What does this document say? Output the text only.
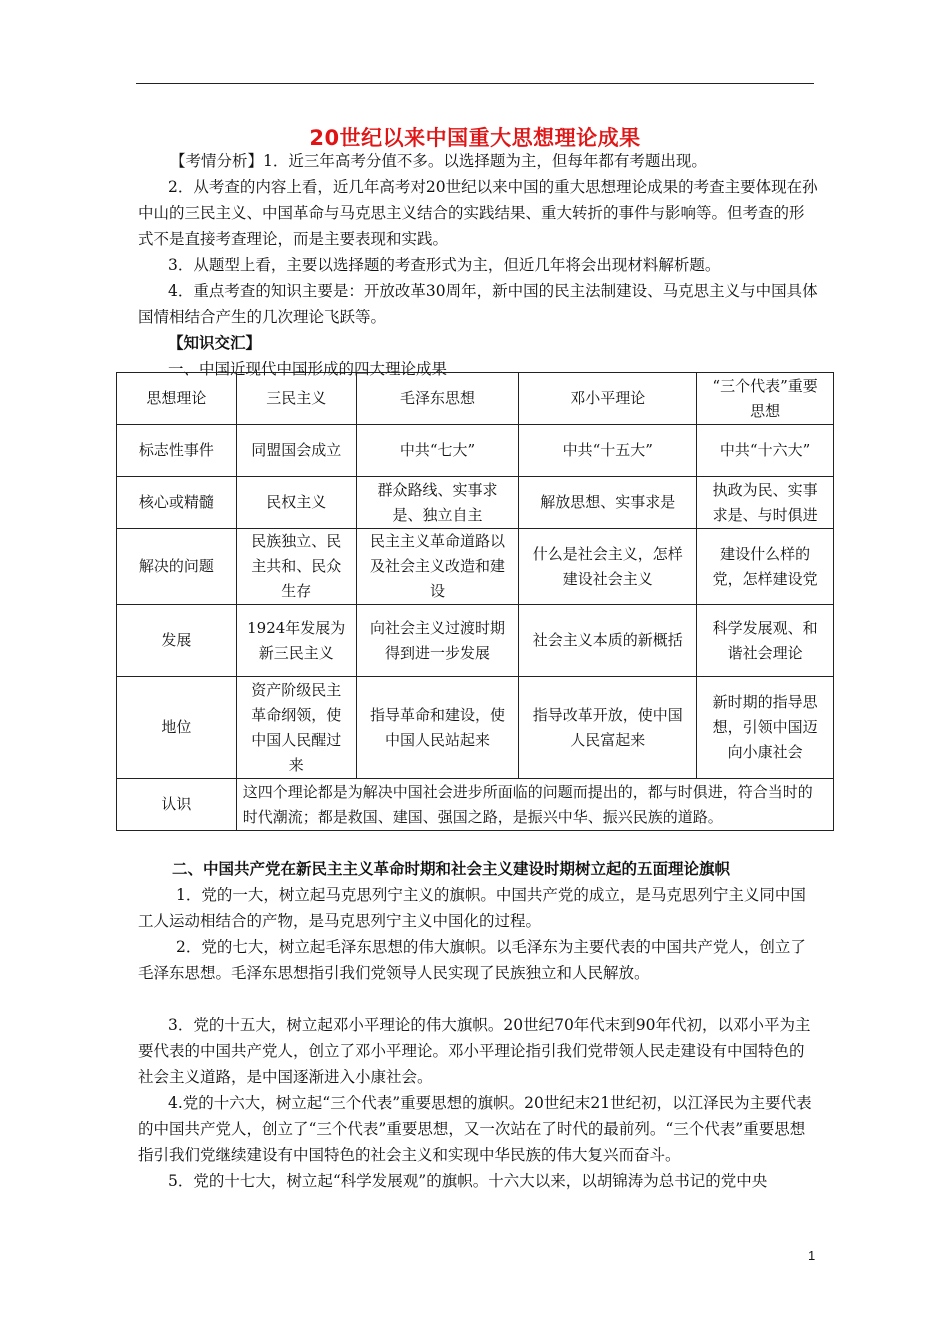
20世纪以来中国重大思想理论成果

【考情分析】1．近三年高考分值不多。以选择题为主，但每年都有考题出现。

2．从考查的内容上看，近几年高考对20世纪以来中国的重大思想理论成果的考查主要体现在孙中山的三民主义、中国革命与马克思主义结合的实践结果、重大转折的事件与影响等。但考查的形式不是直接考查理论，而是主要表现和实践。

3．从题型上看，主要以选择题的考查形式为主，但近几年将会出现材料解析题。

4．重点考查的知识主要是：开放改革30周年，新中国的民主法制建设、马克思主义与中国具体国情相结合产生的几次理论飞跃等。

【知识交汇】

一、中国近现代中国形成的四大理论成果

思想理论	三民主义	毛泽东思想	邓小平理论	“三个代表”重要思想
标志性事件	同盟国会成立	中共“七大”	中共“十五大”	中共“十六大”
核心或精髓	民权主义	群众路线、实事求是、独立自主	解放思想、实事求是	执政为民、实事求是、与时俱进
解决的问题	民族独立、民主共和、民众生存	民主主义革命道路以及社会主义改造和建设	什么是社会主义，怎样建设社会主义	建设什么样的党，怎样建设党
发展	1924年发展为新三民主义	向社会主义过渡时期得到进一步发展	社会主义本质的新概括	科学发展观、和谐社会理论
地位	资产阶级民主革命纲领，使中国人民醒过来	指导革命和建设，使中国人民站起来	指导改革开放，使中国人民富起来	新时期的指导思想，引领中国迈向小康社会
认识	这四个理论都是为解决中国社会进步所面临的问题而提出的，都与时俱进，符合当时的时代潮流；都是救国、建国、强国之路，是振兴中华、振兴民族的道路。			

二、中国共产党在新民主主义革命时期和社会主义建设时期树立起的五面理论旗帜

1．党的一大，树立起马克思列宁主义的旗帜。中国共产党的成立，是马克思列宁主义同中国工人运动相结合的产物，是马克思列宁主义中国化的过程。

2．党的七大，树立起毛泽东思想的伟大旗帜。以毛泽东为主要代表的中国共产党人，创立了毛泽东思想。毛泽东思想指引我们党领导人民实现了民族独立和人民解放。

3．党的十五大，树立起邓小平理论的伟大旗帜。20世纪70年代末到90年代初，以邓小平为主要代表的中国共产党人，创立了邓小平理论。邓小平理论指引我们党带领人民走建设有中国特色的社会主义道路，是中国逐渐进入小康社会。

4.党的十六大，树立起“三个代表”重要思想的旗帜。20世纪末21世纪初，以江泽民为主要代表的中国共产党人，创立了“三个代表”重要思想，又一次站在了时代的最前列。“三个代表”重要思想指引我们党继续建设有中国特色的社会主义和实现中华民族的伟大复兴而奋斗。

5．党的十七大，树立起“科学发展观”的旗帜。十六大以来，以胡锦涛为总书记的党中央

1
